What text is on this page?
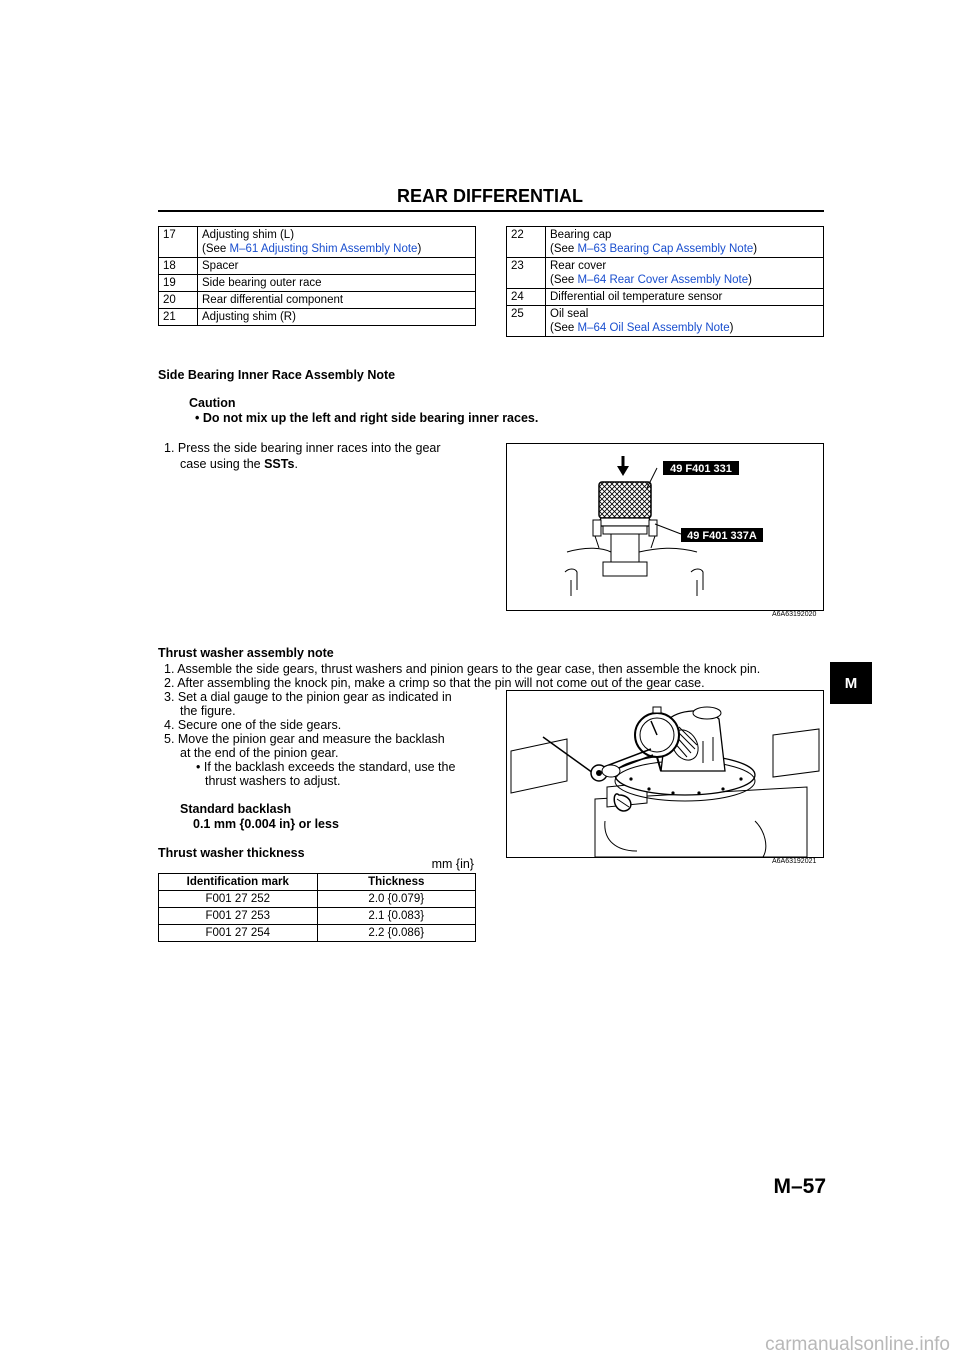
REAR DIFFERENTIAL
17	Adjusting shim (L)
(See M–61 Adjusting Shim Assembly Note)
18	Spacer
19	Side bearing outer race
20	Rear differential component
21	Adjusting shim (R)
22	Bearing cap
(See M–63 Bearing Cap Assembly Note)
23	Rear cover
(See M–64 Rear Cover Assembly Note)
24	Differential oil temperature sensor
25	Oil seal
(See M–64 Oil Seal Assembly Note)
Side Bearing Inner Race Assembly Note
Caution
• Do not mix up the left and right side bearing inner races.
1. Press the side bearing inner races into the gear
case using the SSTs.	49 F401 331
49 F401 337A
A6A63192020
Thrust washer assembly note
1. Assemble the side gears, thrust washers and pinion gears to the gear case, then assemble the knock pin.
2. After assembling the knock pin, make a crimp so that the pin will not come out of the gear case.
3. Set a dial gauge to the pinion gear as indicated in
the figure.
4. Secure one of the side gears.
5. Move the pinion gear and measure the backlash
at the end of the pinion gear.
• If the backlash exceeds the standard, use the
thrust washers to adjust.
Standard backlash
0.1 mm {0.004 in} or less
A6A63192021
Thrust washer thickness
mm {in}
Identification mark	Thickness
F001 27 252	2.0 {0.079}
F001 27 253	2.1 {0.083}
F001 27 254	2.2 {0.086}
M
M–57
carmanualsonline.info
